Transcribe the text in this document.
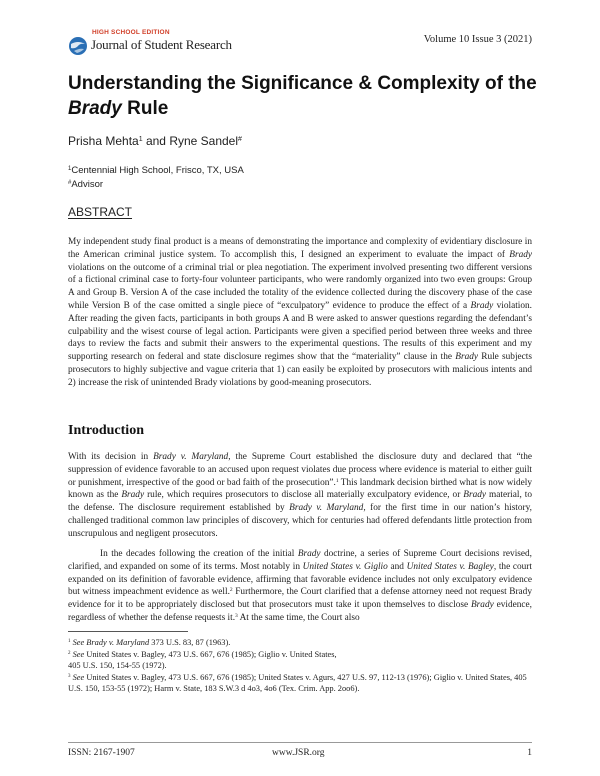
HIGH SCHOOL EDITION
Journal of Student Research	Volume 10 Issue 3 (2021)
Understanding the Significance & Complexity of the
Brady Rule
Prisha Mehta$^1$ and Ryne Sandel#
$^1$Centennial High School, Frisco, TX, USA
#Advisor
ABSTRACT

My independent study final product is a means of demonstrating the importance and complexity of evidentiary disclosure in the American criminal justice system. To accomplish this, I designed an experiment to evaluate the impact of Brady violations on the outcome of a criminal trial or plea negotiation. The experiment involved presenting two different versions of a fictional criminal case to forty-four volunteer participants, who were randomly organized into two even groups: Group A and Group B. Version A of the case included the totality of the evidence collected during the discovery phase of the case while Version B of the case omitted a single piece of “exculpatory” evidence to produce the effect of a Brady violation. After reading the given facts, participants in both groups A and B were asked to answer questions regarding the defendant’s culpability and the wisest course of legal action. Participants were given a specified period between three weeks and three days to review the facts and submit their answers to the experimental questions. The results of this experiment and my supporting research on federal and state disclosure regimes show that the “materiality” clause in the Brady Rule subjects prosecutors to highly subjective and vague criteria that 1) can easily be exploited by prosecutors with malicious intents and 2) increase the risk of unintended Brady violations by good-meaning prosecutors.

Introduction

With its decision in Brady v. Maryland, the Supreme Court established the disclosure duty and declared that “the suppression of evidence favorable to an accused upon request violates due process where evidence is material to either guilt or punishment, irrespective of the good or bad faith of the prosecution”.$^1$ This landmark decision birthed what is now widely known as the Brady rule, which requires prosecutors to disclose all materially exculpatory evidence, or Brady material, to the defense. The disclosure requirement established by Brady v. Maryland, for the first time in our nation’s history, challenged traditional common law principles of discovery, which for centuries had offered defendants little protection from unscrupulous and negligent prosecutors.

In the decades following the creation of the initial Brady doctrine, a series of Supreme Court decisions revised, clarified, and expanded on some of its terms. Most notably in United States v. Giglio and United States v. Bagley, the court expanded on its definition of favorable evidence, affirming that favorable evidence includes not only exculpatory evidence but witness impeachment evidence as well.$^2$ Furthermore, the Court clarified that a defense attorney need not request Brady evidence for it to be appropriately disclosed but that prosecutors must take it upon themselves to disclose Brady evidence, regardless of whether the defense requests it.$^3$ At the same time, the Court also

$^1$ See Brady v. Maryland 373 U.S. 83, 87 (1963).

$^2$ See United States v. Bagley, 473 U.S. 667, 676 (1985); Giglio v. United States,
405 U.S. 150, 154-55 (1972).

$^3$ See United States v. Bagley, 473 U.S. 667, 676 (1985); United States v. Agurs, 427 U.S. 97, 112-13 (1976); Giglio v. United States, 405 U.S. 150, 153-55 (1972); Harm v. State, 183 S.W.3 d 4o3, 4o6 (Tex. Crim. App. 2oo6).

ISSN: 2167-1907	www.JSR.org	1
